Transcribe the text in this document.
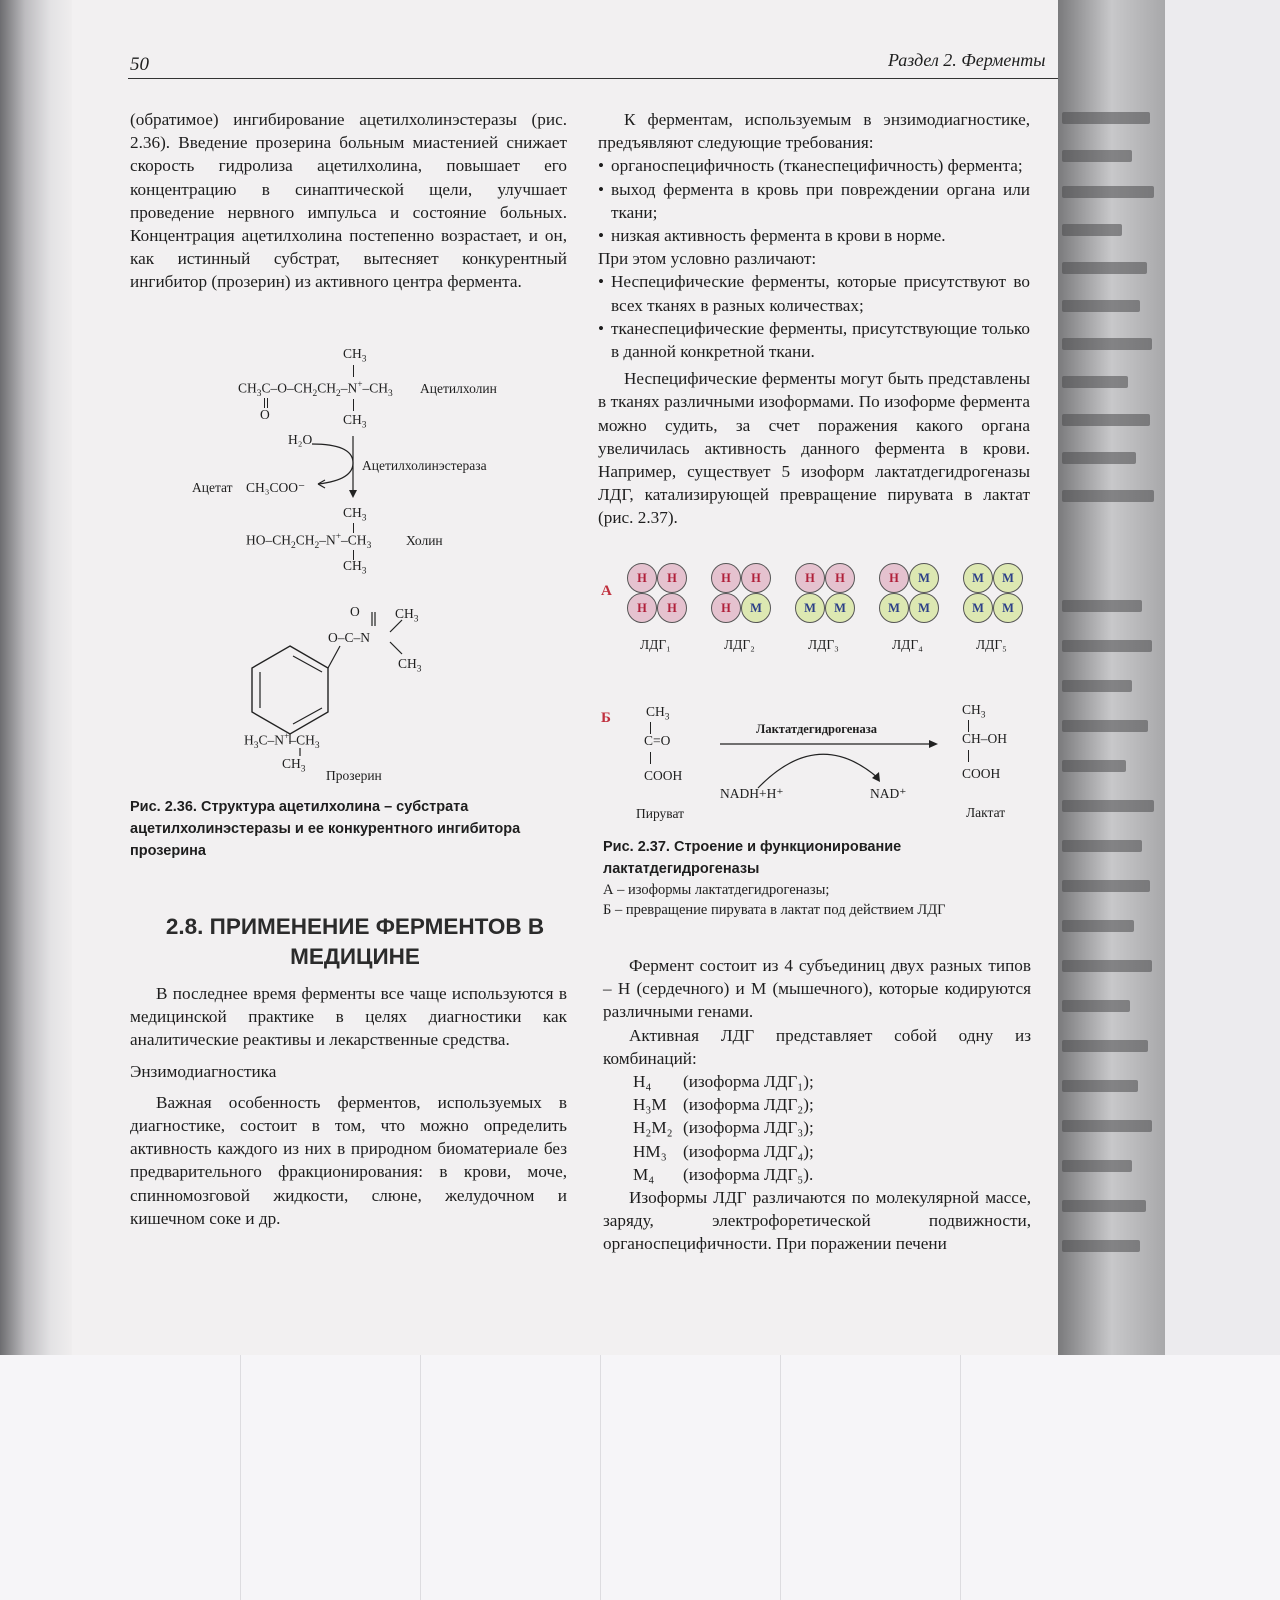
50	Раздел 2. Ферменты

(обратимое) ингибирование ацетилхолинэстеразы (рис. 2.36). Введение прозерина больным миастенией снижает скорость гидролиза ацетилхолина, повышает его концентрацию в синаптической щели, улучшает проведение нервного импульса и состояние больных. Концентрация ацетилхолина постепенно возрастает, и он, как истинный субстрат, вытесняет конкурентный ингибитор (прозерин) из активного центра фермента.

$CH_3$
$CH_3C-O-CH_2CH_2-N^+-CH_3$ Ацетилхолин
O	$CH_3$
H₂O
Ацетилхолинэстераза
Ацетат CH₃COO⁻
$CH_3$
$HO-CH_2CH_2-N^+-CH_3$	Холин
$CH_3$
O	$CH_3$
O–C–N
$CH_3$
$H_3C-N^+-CH_3$
$CH_3$ Прозерин
Рис. 2.36. Структура ацетилхолина – субстрата ацетилхолинэстеразы и ее конкурентного ингибитора прозерина
2.8. ПРИМЕНЕНИЕ ФЕРМЕНТОВ В МЕДИЦИНЕ

В последнее время ферменты все чаще используются в медицинской практике в целях диагностики как аналитические реактивы и лекарственные средства.

Энзимодиагностика

Важная особенность ферментов, используемых в диагностике, состоит в том, что можно определить активность каждого из них в природном биоматериале без предварительного фракционирования: в крови, моче, спинномозговой жидкости, слюне, желудочном и кишечном соке и др.

К ферментам, используемым в энзимодиагностике, предъявляют следующие требования:

• органоспецифичность (тканеспецифичность) фермента;

• выход фермента в кровь при повреждении органа или ткани;

• низкая активность фермента в крови в норме.

При этом условно различают:

• Неспецифические ферменты, которые присутствуют во всех тканях в разных количествах;

• тканеспецифические ферменты, присутствующие только в данной конкретной ткани.

Неспецифические ферменты могут быть представлены в тканях различными изоформами. По изоформе фермента можно судить, за счет поражения какого органа увеличилась активность данного фермента в крови. Например, существует 5 изоформ лактатдегидрогеназы ЛДГ, катализирующей превращение пирувата в лактат (рис. 2.37).

А
Н	Н
Н	Н
ЛДГ₁
Н	Н
Н	М
ЛДГ₂
Н	Н
М	М
ЛДГ₃
Н	М
М	М
ЛДГ₄
М	М
М	М
ЛДГ₅
Б	$CH_3$
C=O
COOH
Пируват
Лактатдегидрогеназа
NADH+H⁺	NAD⁺
$CH_3$
CH–OH
COOH
Лактат
Рис. 2.37. Строение и функционирование лактатдегидрогеназы
А – изоформы лактатдегидрогеназы;
Б – превращение пирувата в лактат под действием ЛДГ

Фермент состоит из 4 субъединиц двух разных типов – Н (сердечного) и М (мышечного), которые кодируются различными генами.

Активная ЛДГ представляет собой одну из комбинаций:

H₄ (изоформа ЛДГ₁);
H₃M (изоформа ЛДГ₂);
H₂M₂ (изоформа ЛДГ₃);
HM₃ (изоформа ЛДГ₄);
M₄ (изоформа ЛДГ₅).

Изоформы ЛДГ различаются по молекулярной массе, заряду, электрофоретической подвижности, органоспецифичности. При поражении печени
